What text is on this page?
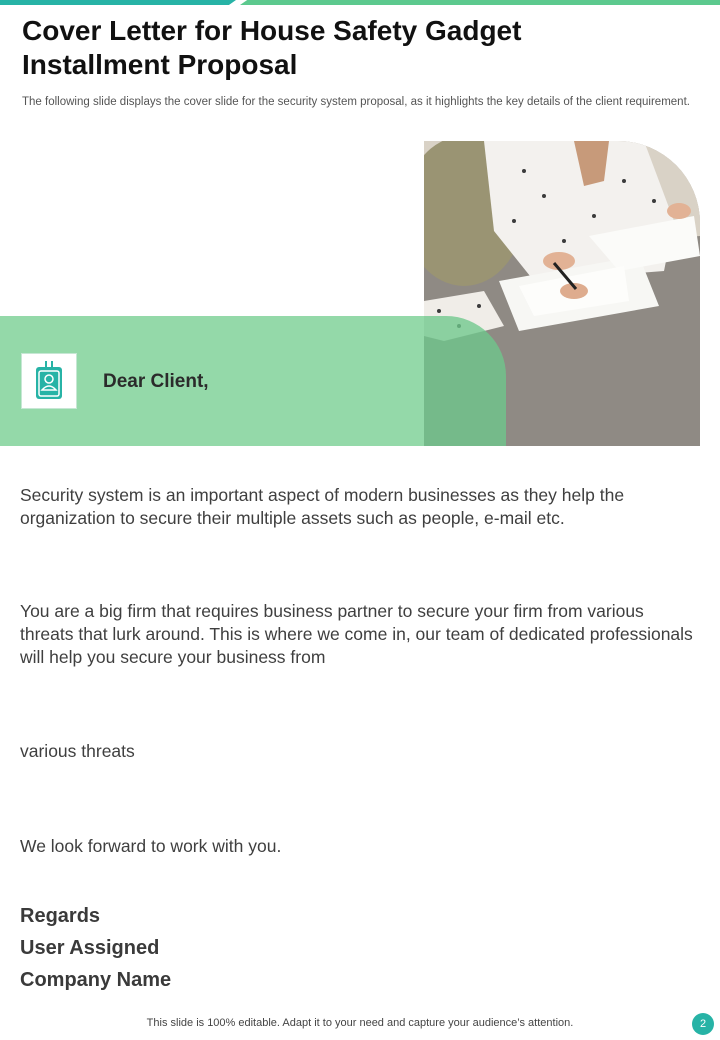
Cover Letter for House Safety Gadget
Installment Proposal

The following slide displays the cover slide for the security system proposal, as it highlights the key details of the client requirement.

Dear Client,

Security system is an important aspect of modern businesses as they help the organization to secure their multiple assets such as people, e-mail etc.

You are a big firm that requires business partner to secure your firm from various threats that lurk around. This is where we come in, our team of dedicated professionals will help you secure your business from

various threats

We look forward to work with you.

Regards

User Assigned

Company Name

This slide is 100% editable. Adapt it to your need and capture your audience’s attention.	2
